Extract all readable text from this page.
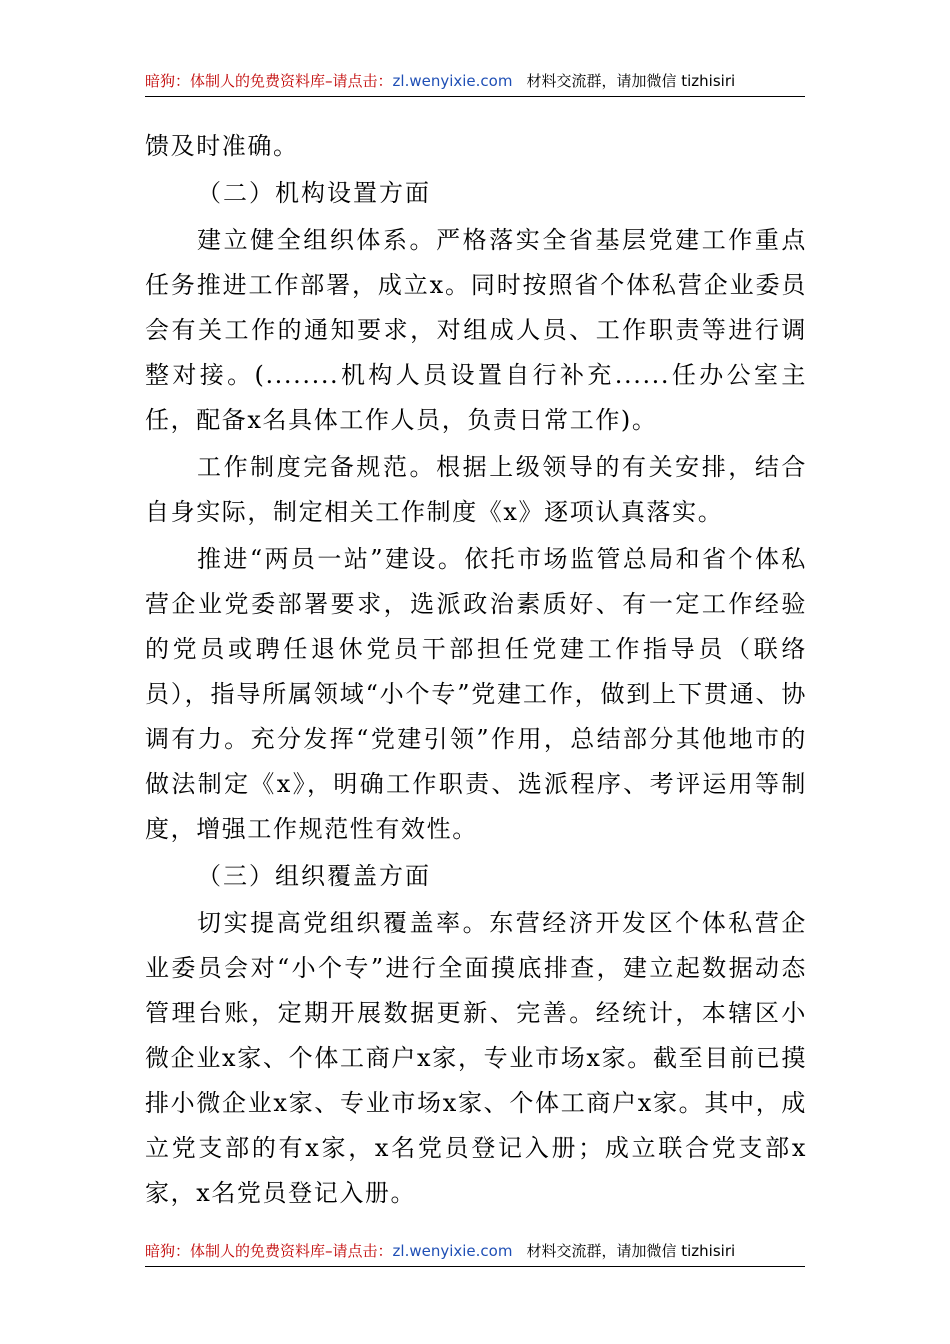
暗狗：体制人的免费资料库–请点击：zl.wenyixie.com 材料交流群，请加微信 tizhisiri

馈及时准确。

（二）机构设置方面

建立健全组织体系。严格落实全省基层党建工作重点任务推进工作部署，成立x。同时按照省个体私营企业委员会有关工作的通知要求，对组成人员、工作职责等进行调整对接。(........机构人员设置自行补充......任办公室主任，配备x名具体工作人员，负责日常工作)。

工作制度完备规范。根据上级领导的有关安排，结合自身实际，制定相关工作制度《x》逐项认真落实。

推进“两员一站”建设。依托市场监管总局和省个体私营企业党委部署要求，选派政治素质好、有一定工作经验的党员或聘任退休党员干部担任党建工作指导员（联络员），指导所属领域“小个专”党建工作，做到上下贯通、协调有力。充分发挥“党建引领”作用，总结部分其他地市的做法制定《x》，明确工作职责、选派程序、考评运用等制度，增强工作规范性有效性。

（三）组织覆盖方面

切实提高党组织覆盖率。东营经济开发区个体私营企业委员会对“小个专”进行全面摸底排查，建立起数据动态管理台账，定期开展数据更新、完善。经统计，本辖区小微企业x家、个体工商户x家，专业市场x家。截至目前已摸排小微企业x家、专业市场x家、个体工商户x家。其中，成立党支部的有x家，x名党员登记入册；成立联合党支部x家，x名党员登记入册。

暗狗：体制人的免费资料库–请点击：zl.wenyixie.com 材料交流群，请加微信 tizhisiri
